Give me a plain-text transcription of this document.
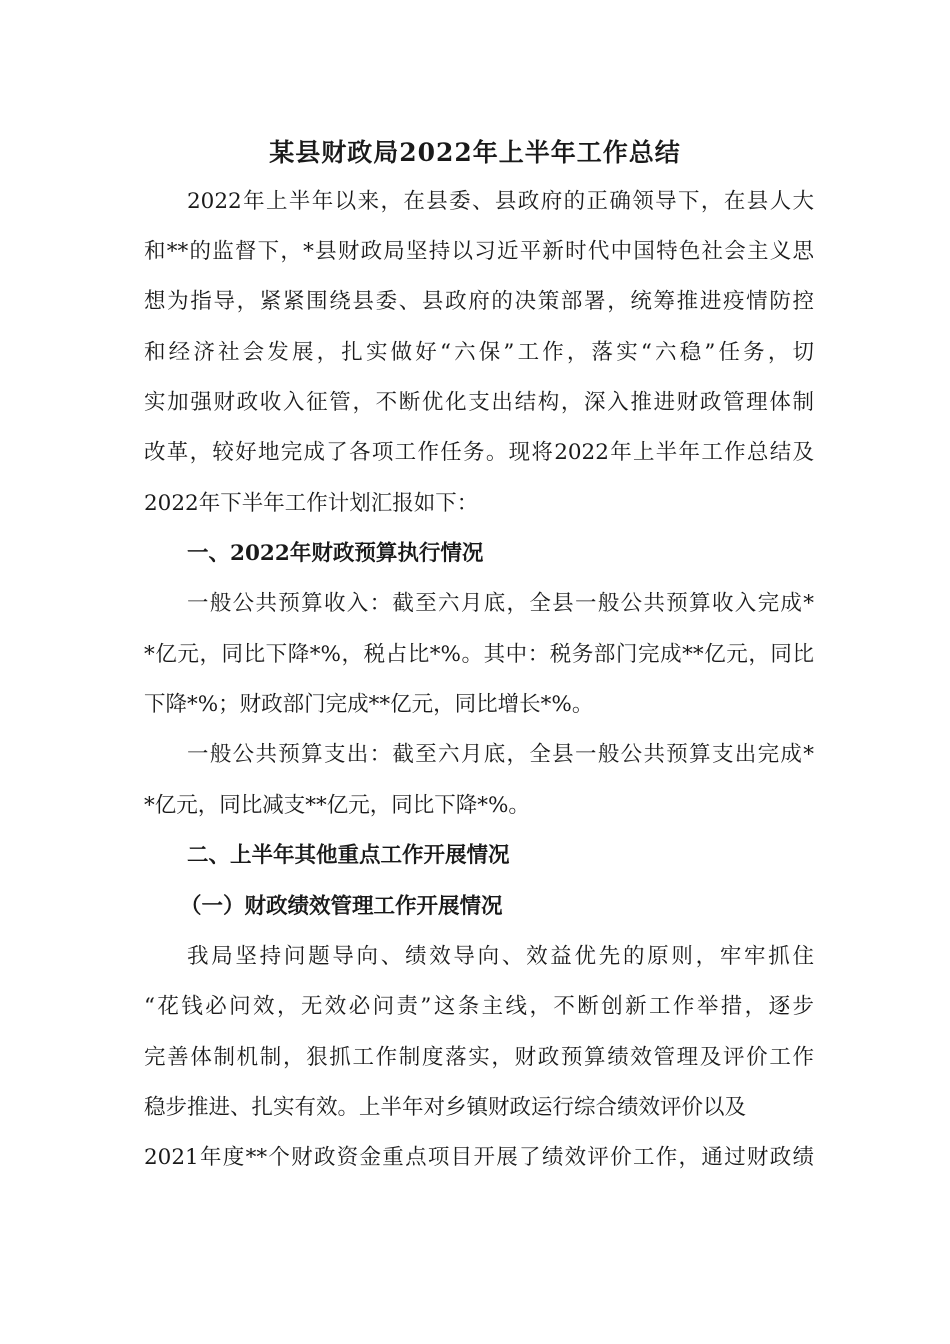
某县财政局2022年上半年工作总结
2022年上半年以来，在县委、县政府的正确领导下，在县人大
和**的监督下，*县财政局坚持以习近平新时代中国特色社会主义思
想为指导，紧紧围绕县委、县政府的决策部署，统筹推进疫情防控
和经济社会发展，扎实做好“六保”工作，落实“六稳”任务，切
实加强财政收入征管，不断优化支出结构，深入推进财政管理体制
改革，较好地完成了各项工作任务。现将2022年上半年工作总结及
2022年下半年工作计划汇报如下：
一、2022年财政预算执行情况
一般公共预算收入：截至六月底，全县一般公共预算收入完成*
*亿元，同比下降*%，税占比*%。其中：税务部门完成**亿元，同比
下降*%；财政部门完成**亿元，同比增长*%。
一般公共预算支出：截至六月底，全县一般公共预算支出完成*
*亿元，同比减支**亿元，同比下降*%。
二、上半年其他重点工作开展情况
（一）财政绩效管理工作开展情况
我局坚持问题导向、绩效导向、效益优先的原则，牢牢抓住
“花钱必问效，无效必问责”这条主线，不断创新工作举措，逐步
完善体制机制，狠抓工作制度落实，财政预算绩效管理及评价工作
稳步推进、扎实有效。上半年对乡镇财政运行综合绩效评价以及
2021年度**个财政资金重点项目开展了绩效评价工作，通过财政绩
